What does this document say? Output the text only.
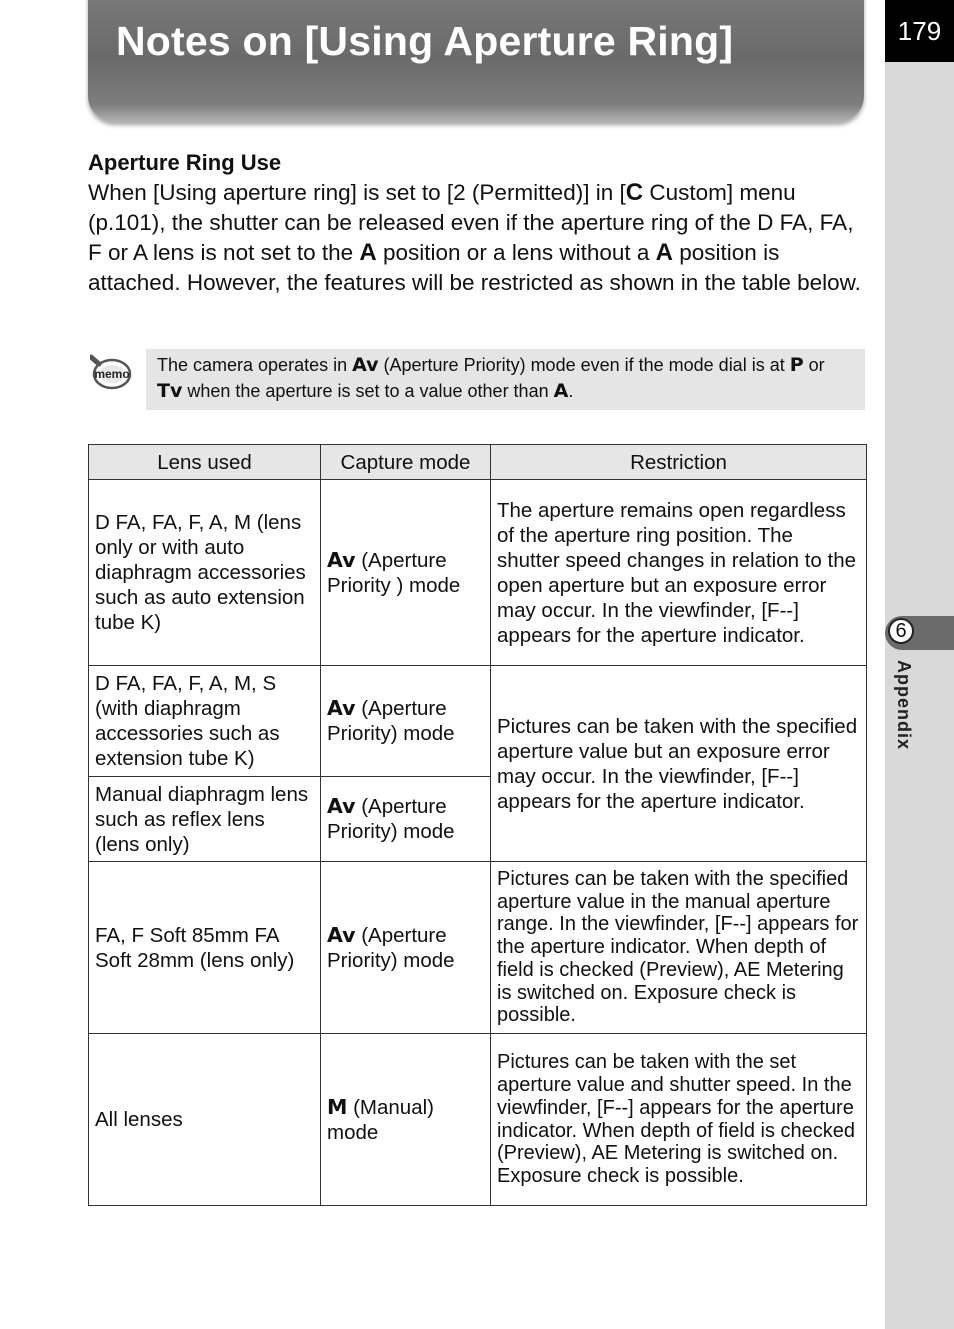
179
6
Appendix
Notes on [Using Aperture Ring]
Aperture Ring Use

When [Using aperture ring] is set to [2 (Permitted)] in [C Custom] menu (p.101), the shutter can be released even if the aperture ring of the D FA, FA, F or A lens is not set to the A position or a lens without a A position is attached. However, the features will be restricted as shown in the table below.

memo	The camera operates in Av (Aperture Priority) mode even if the mode dial is at P or Tv when the aperture is set to a value other than A.
Lens used	Capture mode	Restriction
D FA, FA, F, A, M (lens only or with auto diaphragm accessories such as auto extension tube K)	Av (Aperture Priority ) mode	The aperture remains open regardless of the aperture ring position. The shutter speed changes in relation to the open aperture but an exposure error may occur. In the viewfinder, [F--] appears for the aperture indicator.
D FA, FA, F, A, M, S (with diaphragm accessories such as extension tube K)	Av (Aperture Priority) mode	Pictures can be taken with the specified aperture value but an exposure error may occur. In the viewfinder, [F--] appears for the aperture indicator.
Manual diaphragm lens such as reflex lens (lens only)	Av (Aperture Priority) mode	
FA, F Soft 85mm FA Soft 28mm (lens only)	Av (Aperture Priority) mode	Pictures can be taken with the specified aperture value in the manual aperture range. In the viewfinder, [F--] appears for the aperture indicator. When depth of field is checked (Preview), AE Metering is switched on. Exposure check is possible.
All lenses	M (Manual) mode	Pictures can be taken with the set aperture value and shutter speed. In the viewfinder, [F--] appears for the aperture indicator. When depth of field is checked (Preview), AE Metering is switched on. Exposure check is possible.
